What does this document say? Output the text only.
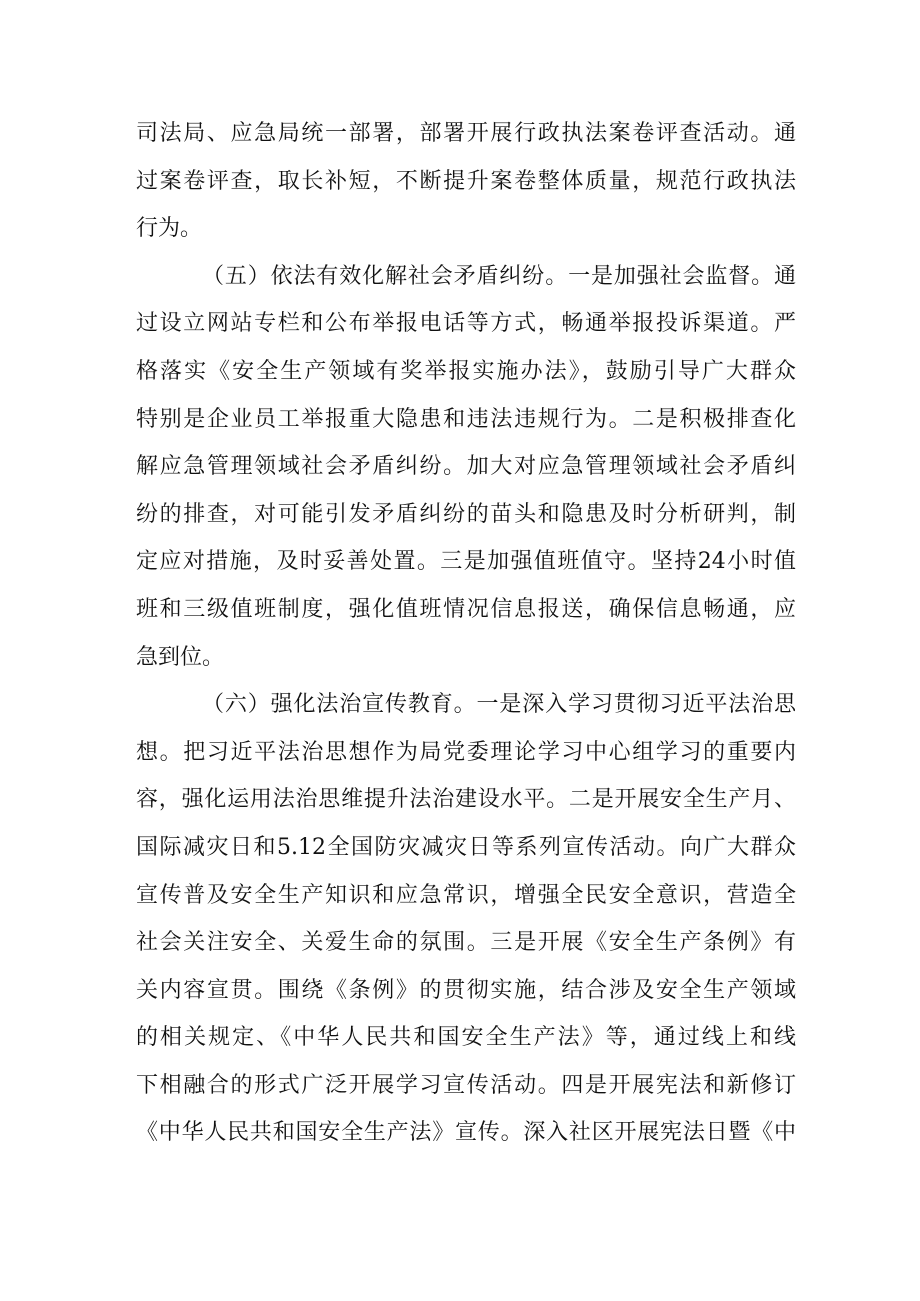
司法局、应急局统一部署，部署开展行政执法案卷评查活动。通
过案卷评查，取长补短，不断提升案卷整体质量，规范行政执法
行为。
（五）依法有效化解社会矛盾纠纷。一是加强社会监督。通
过设立网站专栏和公布举报电话等方式，畅通举报投诉渠道。严
格落实《安全生产领域有奖举报实施办法》，鼓励引导广大群众
特别是企业员工举报重大隐患和违法违规行为。二是积极排查化
解应急管理领域社会矛盾纠纷。加大对应急管理领域社会矛盾纠
纷的排查，对可能引发矛盾纠纷的苗头和隐患及时分析研判，制
定应对措施，及时妥善处置。三是加强值班值守。坚持24小时值
班和三级值班制度，强化值班情况信息报送，确保信息畅通，应
急到位。
（六）强化法治宣传教育。一是深入学习贯彻习近平法治思
想。把习近平法治思想作为局党委理论学习中心组学习的重要内
容，强化运用法治思维提升法治建设水平。二是开展安全生产月、
国际减灾日和5.12全国防灾减灾日等系列宣传活动。向广大群众
宣传普及安全生产知识和应急常识，增强全民安全意识，营造全
社会关注安全、关爱生命的氛围。三是开展《安全生产条例》有
关内容宣贯。围绕《条例》的贯彻实施，结合涉及安全生产领域
的相关规定、《中华人民共和国安全生产法》等，通过线上和线
下相融合的形式广泛开展学习宣传活动。四是开展宪法和新修订
《中华人民共和国安全生产法》宣传。深入社区开展宪法日暨《中
